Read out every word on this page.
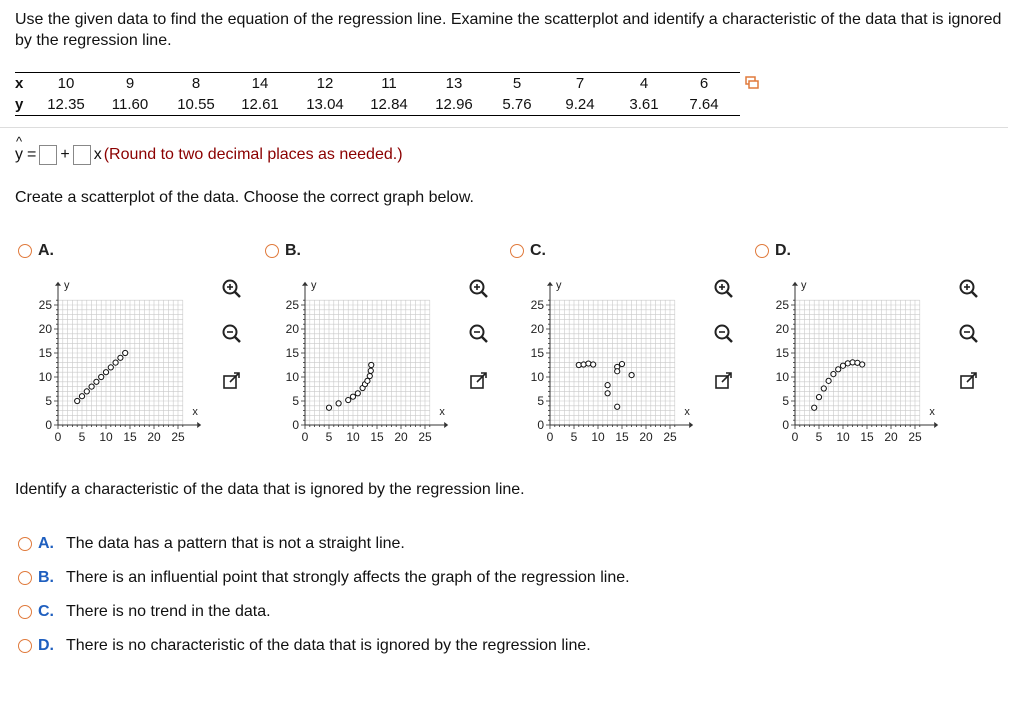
Use the given data to find the equation of the regression line. Examine the scatterplot and identify a characteristic of the data that is ignored by the regression line.
x	10	9	8	14	12	11	13	5	7	4	6
y	12.35	11.60	10.55	12.61	13.04	12.84	12.96	5.76	9.24	3.61	7.64
^
y = + x (Round to two decimal places as needed.)
Create a scatterplot of the data. Choose the correct graph below.
A.
0 5 10 15 20 25
0
5
10
15
20
25
x
y
B.
0 5 10 15 20 25
0
5
10
15
20
25
x
y
C.
0 5 10 15 20 25
0
5
10
15
20
25
x
y
D.
0 5 10 15 20 25
0
5
10
15
20
25
x
y
Identify a characteristic of the data that is ignored by the regression line.
A. The data has a pattern that is not a straight line.
B. There is an influential point that strongly affects the graph of the regression line.
C. There is no trend in the data.
D. There is no characteristic of the data that is ignored by the regression line.
